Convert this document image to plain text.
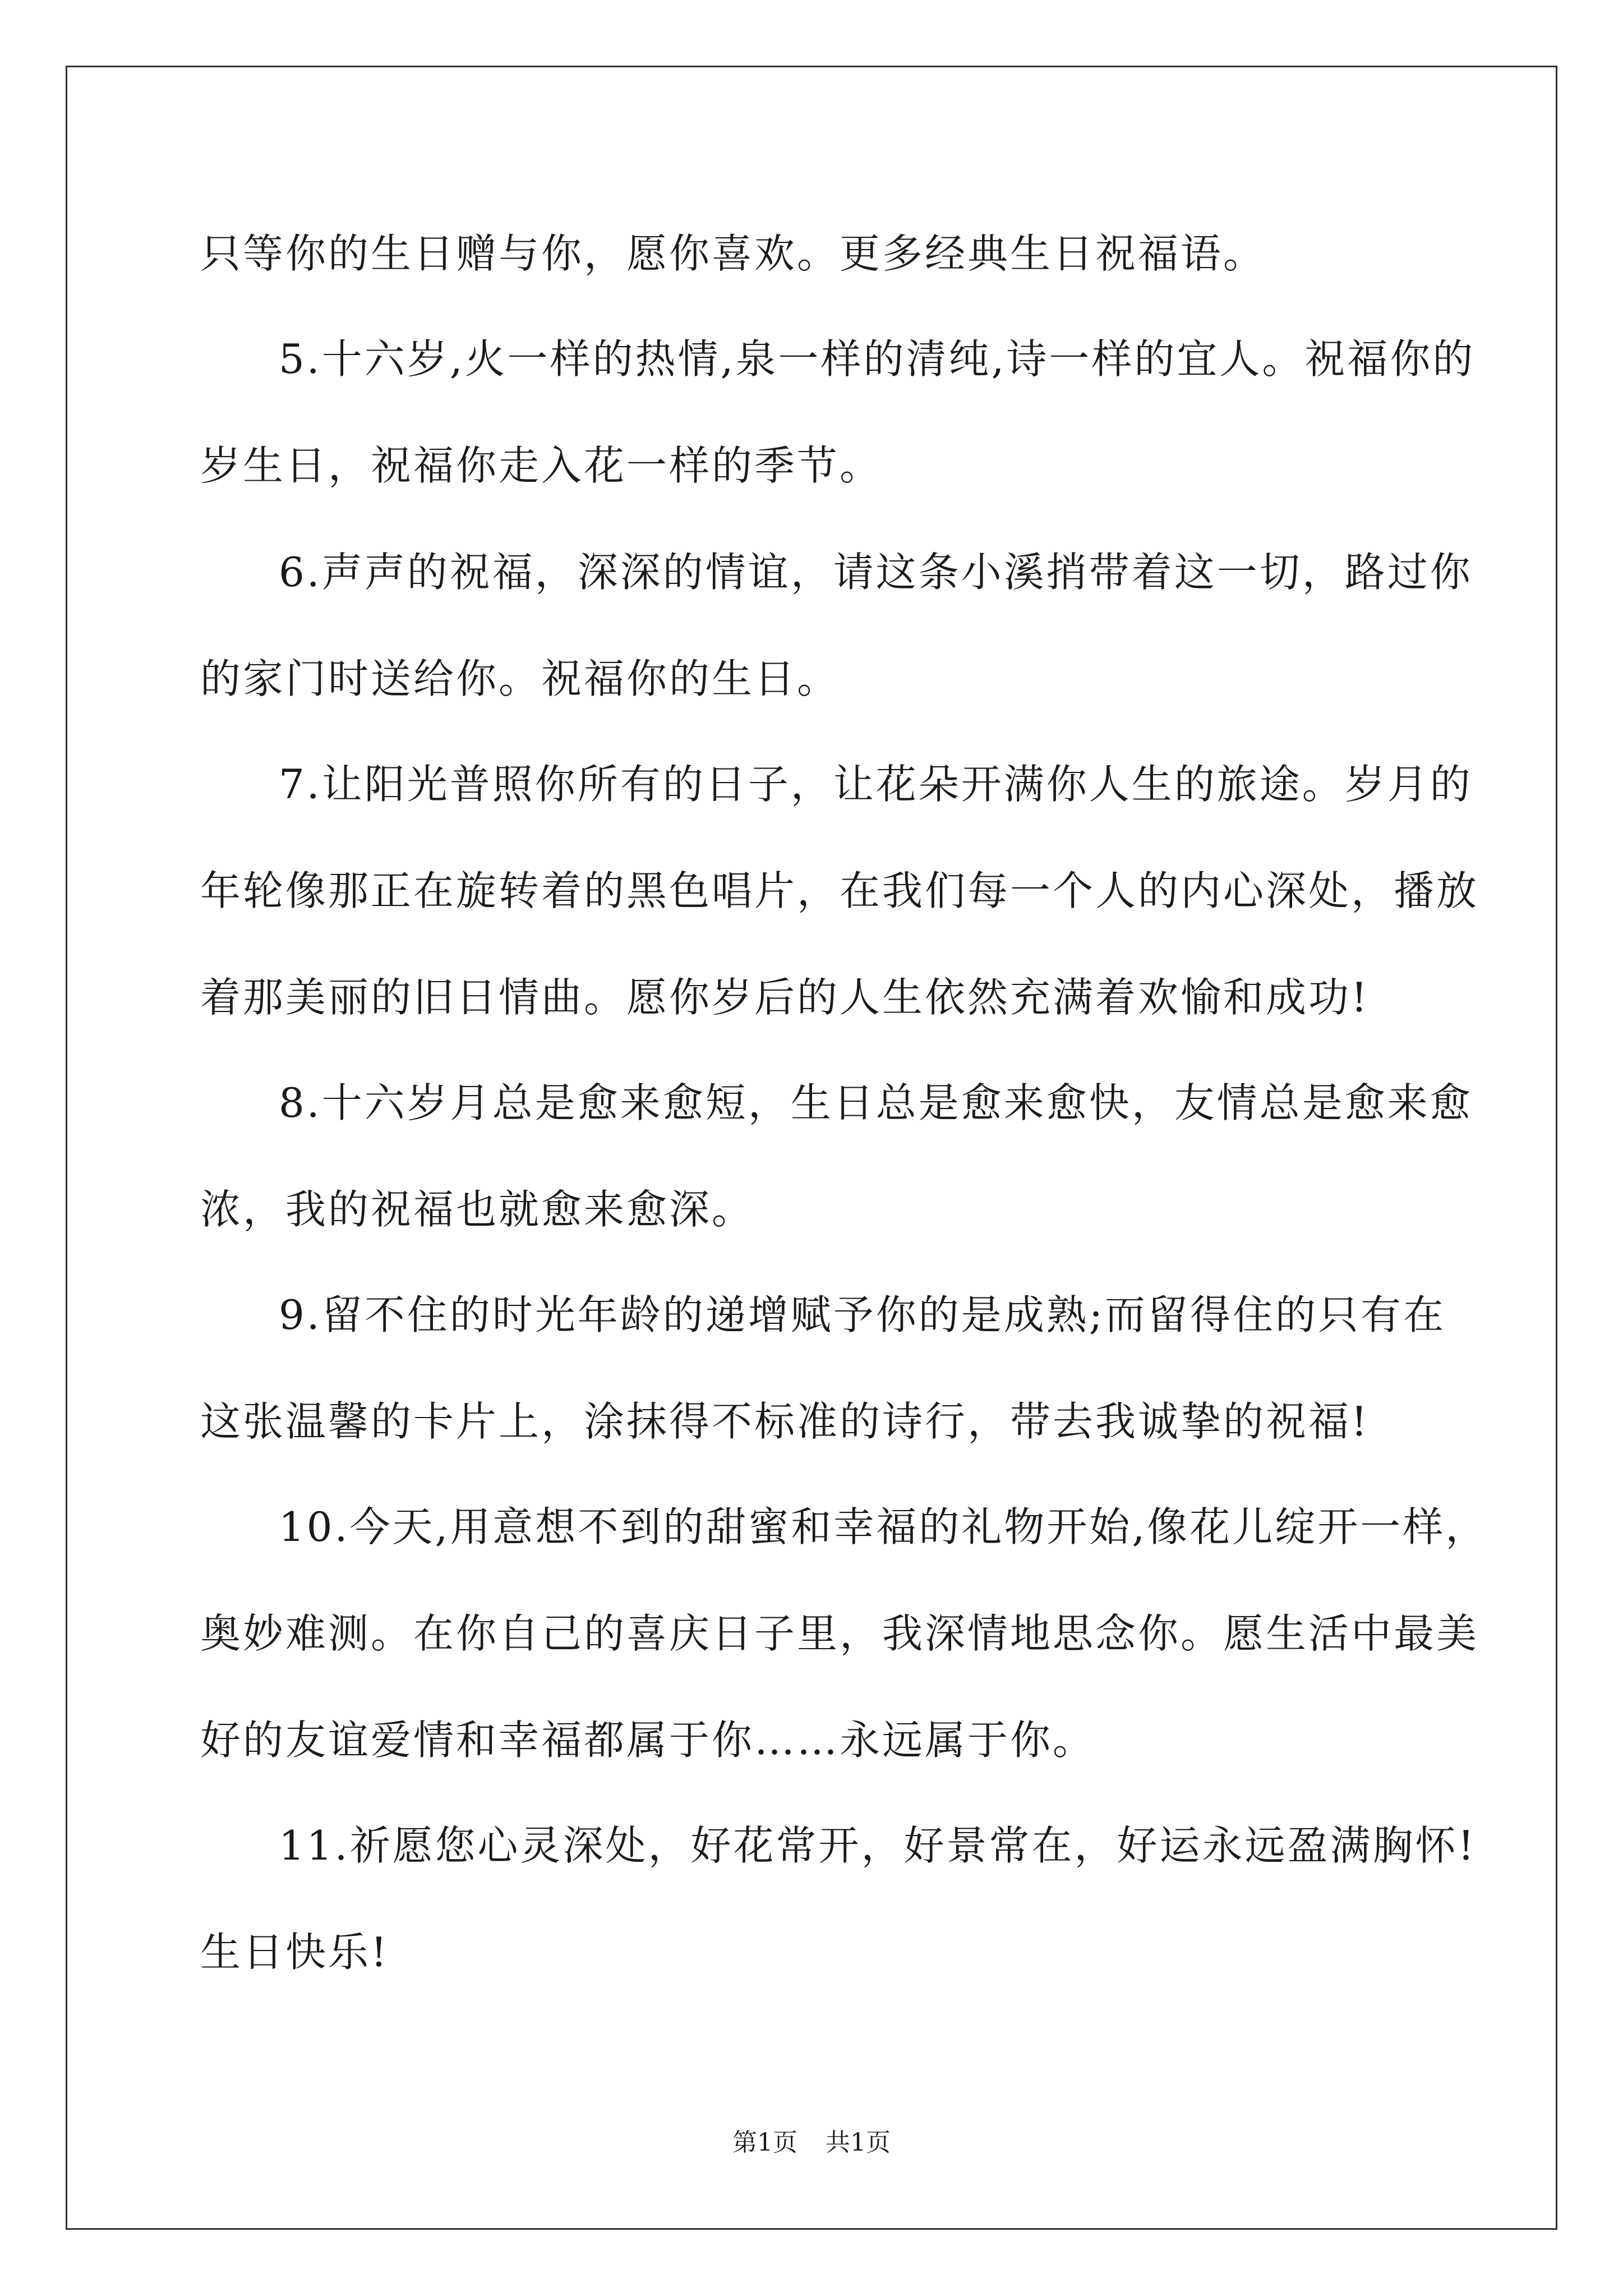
只等你的生日赠与你，愿你喜欢。更多经典生日祝福语。
5.十六岁,火一样的热情,泉一样的清纯,诗一样的宜人。祝福你的
岁生日，祝福你走入花一样的季节。
6.声声的祝福，深深的情谊，请这条小溪捎带着这一切，路过你
的家门时送给你。祝福你的生日。
7.让阳光普照你所有的日子，让花朵开满你人生的旅途。岁月的
年轮像那正在旋转着的黑色唱片，在我们每一个人的内心深处，播放
着那美丽的旧日情曲。愿你岁后的人生依然充满着欢愉和成功!
8.十六岁月总是愈来愈短，生日总是愈来愈快，友情总是愈来愈
浓，我的祝福也就愈来愈深。
9.留不住的时光年龄的递增赋予你的是成熟;而留得住的只有在
这张温馨的卡片上，涂抹得不标准的诗行，带去我诚挚的祝福!
10.今天,用意想不到的甜蜜和幸福的礼物开始,像花儿绽开一样，
奥妙难测。在你自己的喜庆日子里，我深情地思念你。愿生活中最美
好的友谊爱情和幸福都属于你……永远属于你。
11.祈愿您心灵深处，好花常开，好景常在，好运永远盈满胸怀!
生日快乐!
第1页 共1页
